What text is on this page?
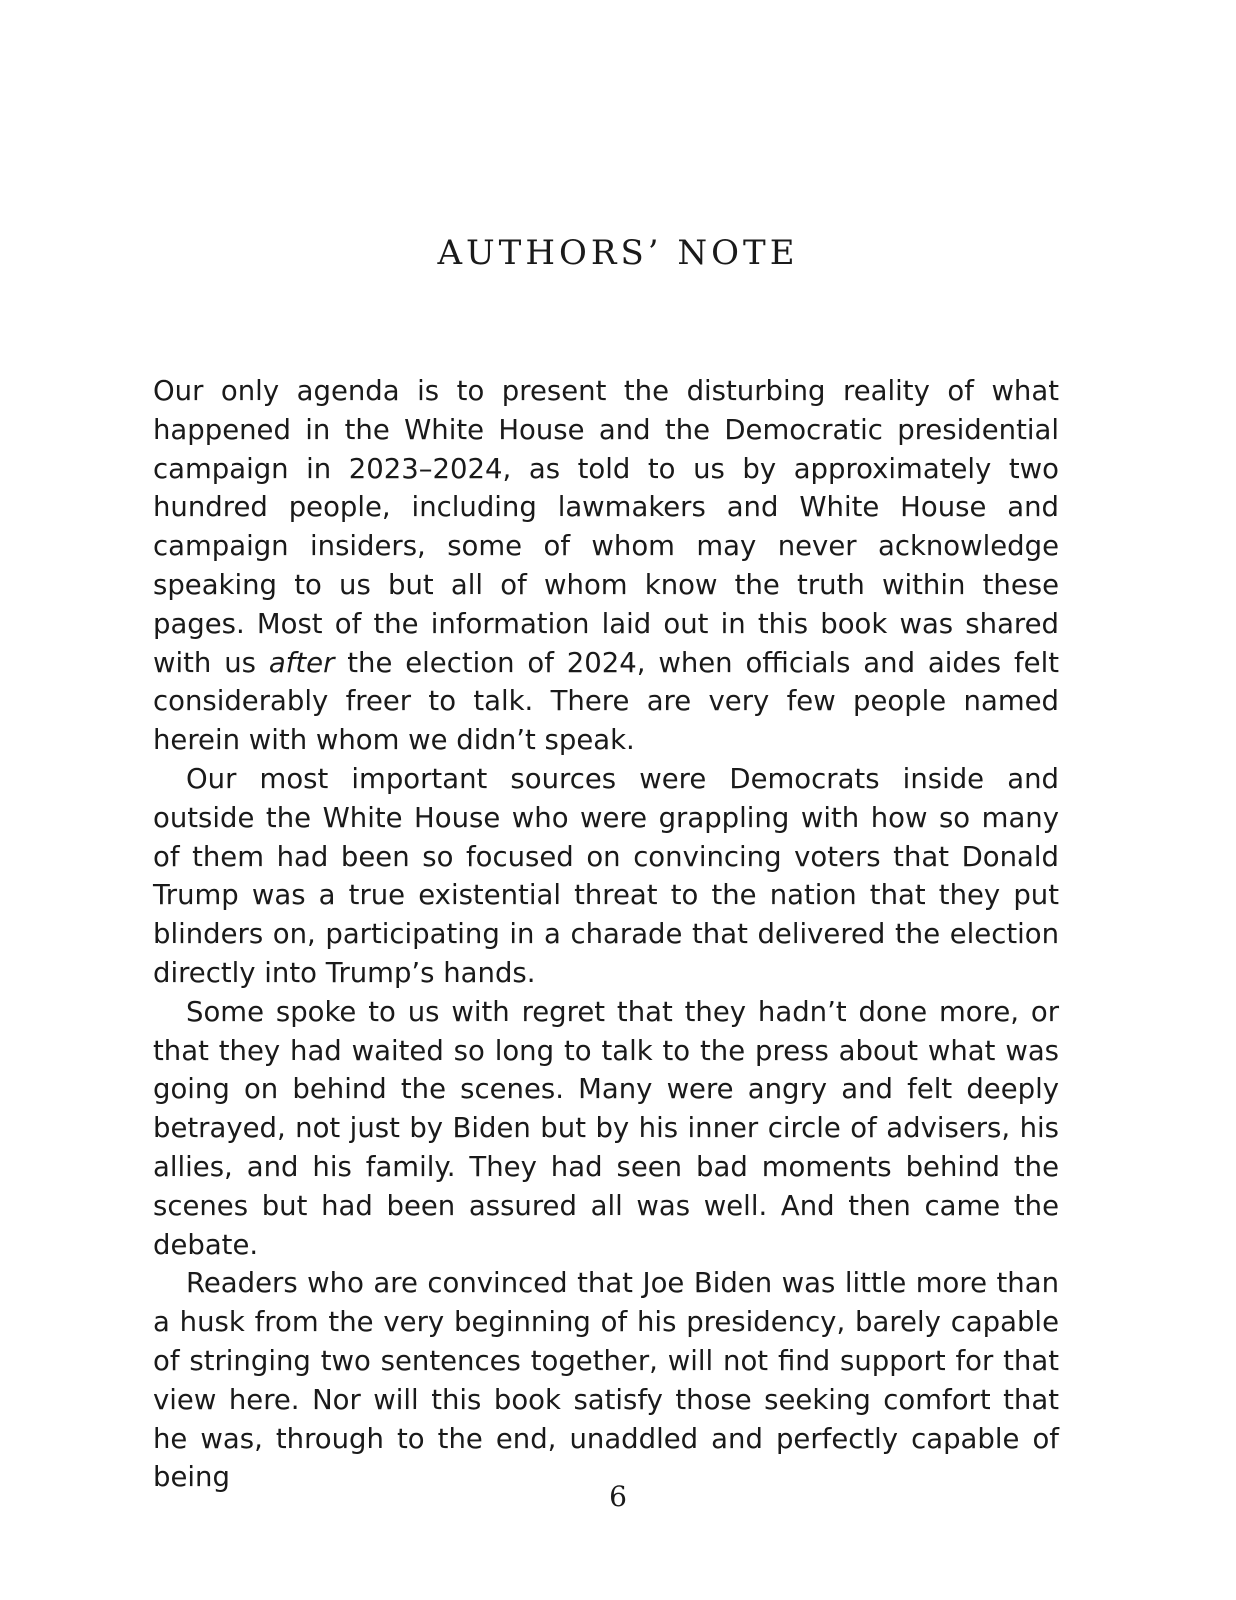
AUTHORS’ NOTE

Our only agenda is to present the disturbing reality of what happened in the White House and the Democratic presidential campaign in 2023–2024, as told to us by approximately two hundred people, including lawmakers and White House and campaign insiders, some of whom may never acknowledge speaking to us but all of whom know the truth within these pages. Most of the information laid out in this book was shared with us after the election of 2024, when officials and aides felt considerably freer to talk. There are very few people named herein with whom we didn’t speak.

Our most important sources were Democrats inside and outside the White House who were grappling with how so many of them had been so focused on convincing voters that Donald Trump was a true existential threat to the nation that they put blinders on, participating in a charade that delivered the election directly into Trump’s hands.

Some spoke to us with regret that they hadn’t done more, or that they had waited so long to talk to the press about what was going on behind the scenes. Many were angry and felt deeply betrayed, not just by Biden but by his inner circle of advisers, his allies, and his family. They had seen bad moments behind the scenes but had been assured all was well. And then came the debate.

Readers who are convinced that Joe Biden was little more than a husk from the very beginning of his presidency, barely capable of stringing two sentences together, will not find support for that view here. Nor will this book satisfy those seeking comfort that he was, through to the end, unaddled and perfectly capable of being

6
